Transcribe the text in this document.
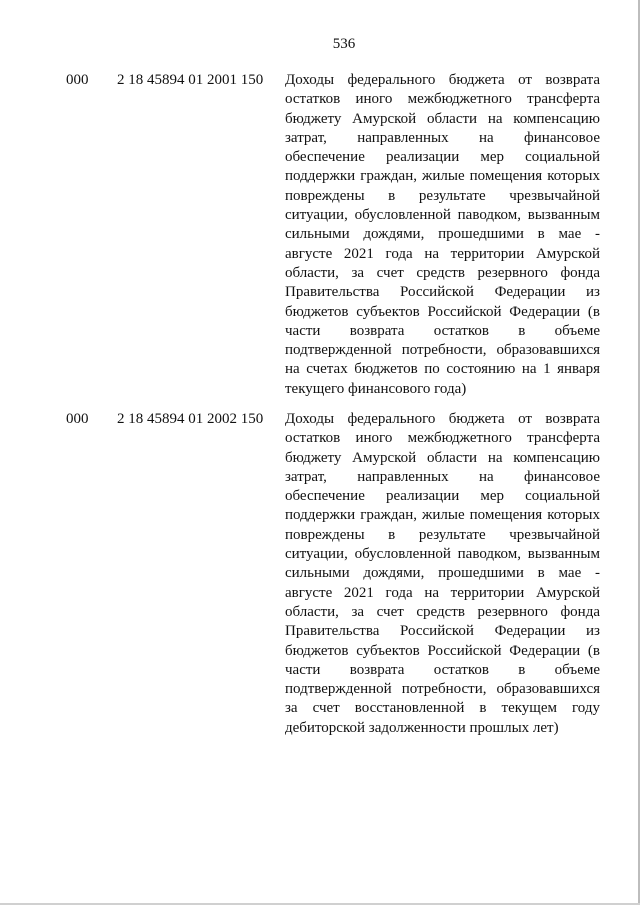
536
000 2 18 45894 01 2001 150 Доходы федерального бюджета от возврата остатков иного межбюджетного трансферта бюджету Амурской области на компенсацию затрат, направленных на финансовое обеспечение реализации мер социальной поддержки граждан, жилые помещения которых повреждены в результате чрезвычайной ситуации, обусловленной паводком, вызванным сильными дождями, прошедшими в мае - августе 2021 года на территории Амурской области, за счет средств резервного фонда Правительства Российской Федерации из бюджетов субъектов Российской Федерации (в части возврата остатков в объеме подтвержденной потребности, образовавшихся на счетах бюджетов по состоянию на 1 января текущего финансового года)

000 2 18 45894 01 2002 150 Доходы федерального бюджета от возврата остатков иного межбюджетного трансферта бюджету Амурской области на компенсацию затрат, направленных на финансовое обеспечение реализации мер социальной поддержки граждан, жилые помещения которых повреждены в результате чрезвычайной ситуации, обусловленной паводком, вызванным сильными дождями, прошедшими в мае - августе 2021 года на территории Амурской области, за счет средств резервного фонда Правительства Российской Федерации из бюджетов субъектов Российской Федерации (в части возврата остатков в объеме подтвержденной потребности, образовавшихся за счет восстановленной в текущем году дебиторской задолженности прошлых лет)
